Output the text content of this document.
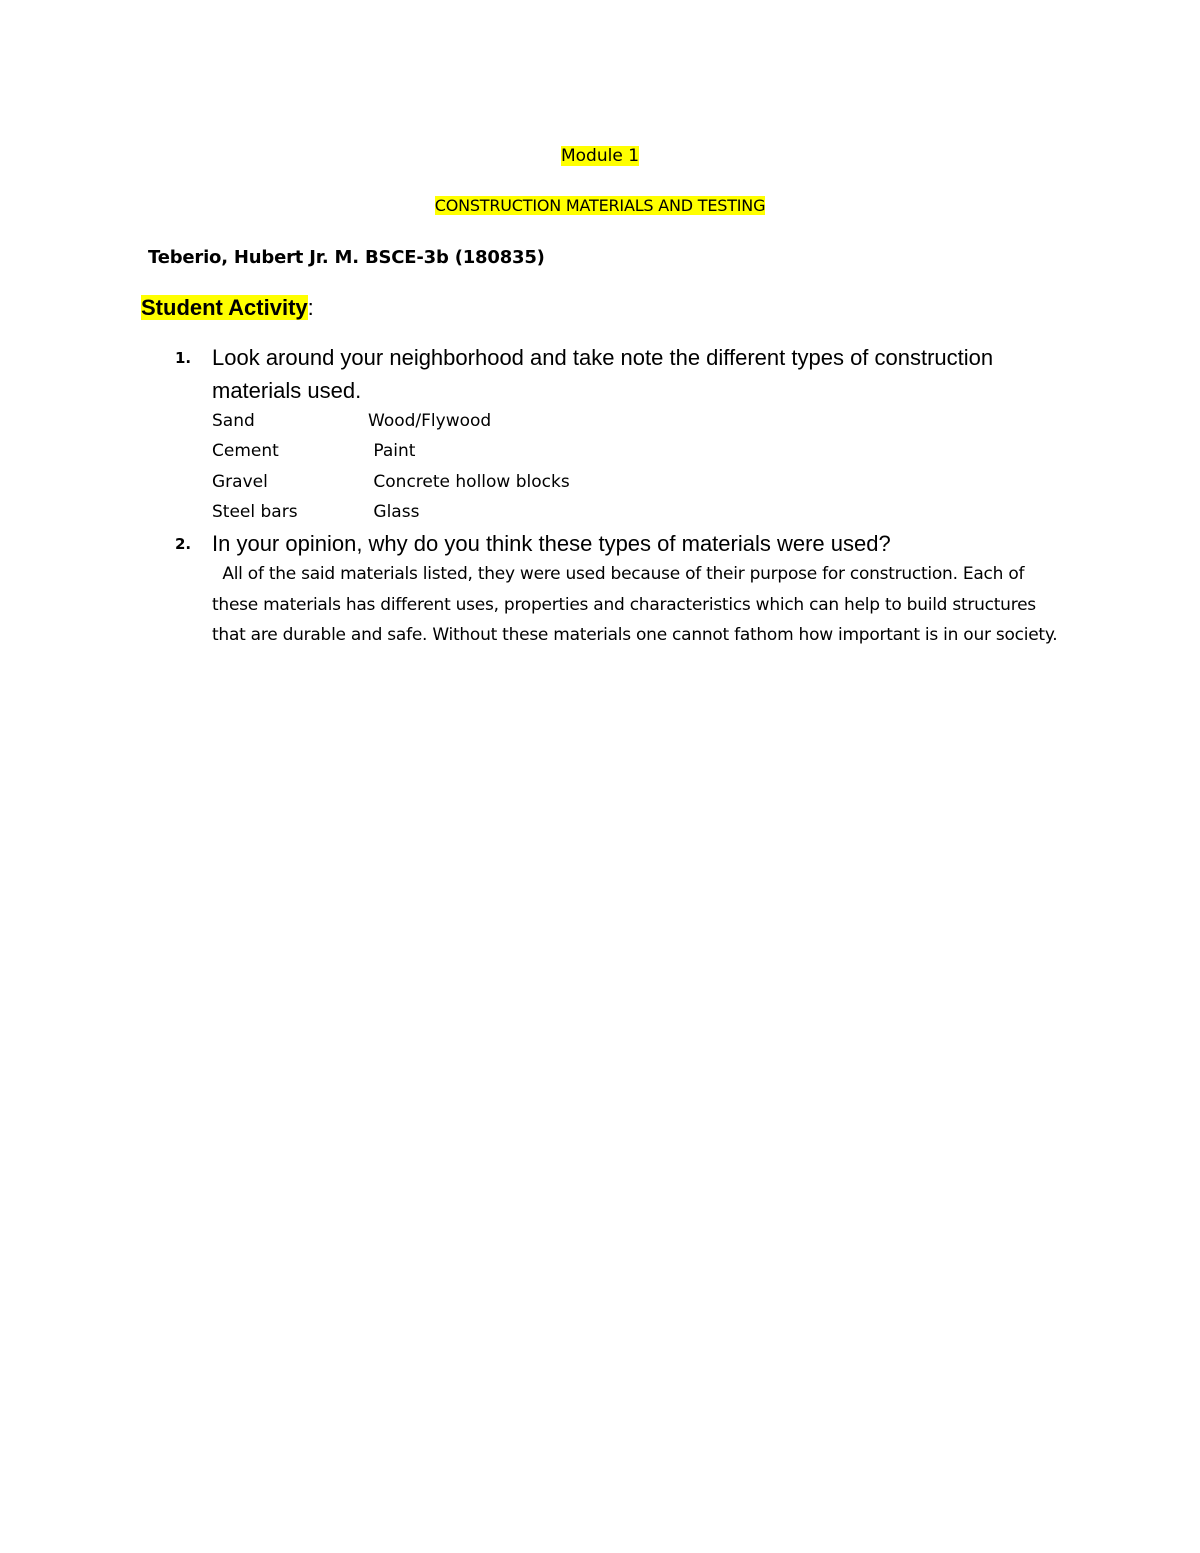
Module 1
CONSTRUCTION MATERIALS AND TESTING
Teberio, Hubert Jr. M. BSCE-3b (180835)
Student Activity:
1. Look around your neighborhood and take note the different types of construction materials used.
Sand	Wood/Flywood
Cement	Paint
Gravel	Concrete hollow blocks
Steel bars	Glass
2. In your opinion, why do you think these types of materials were used?
All of the said materials listed, they were used because of their purpose for construction. Each of these materials has different uses, properties and characteristics which can help to build structures that are durable and safe. Without these materials one cannot fathom how important is in our society.
